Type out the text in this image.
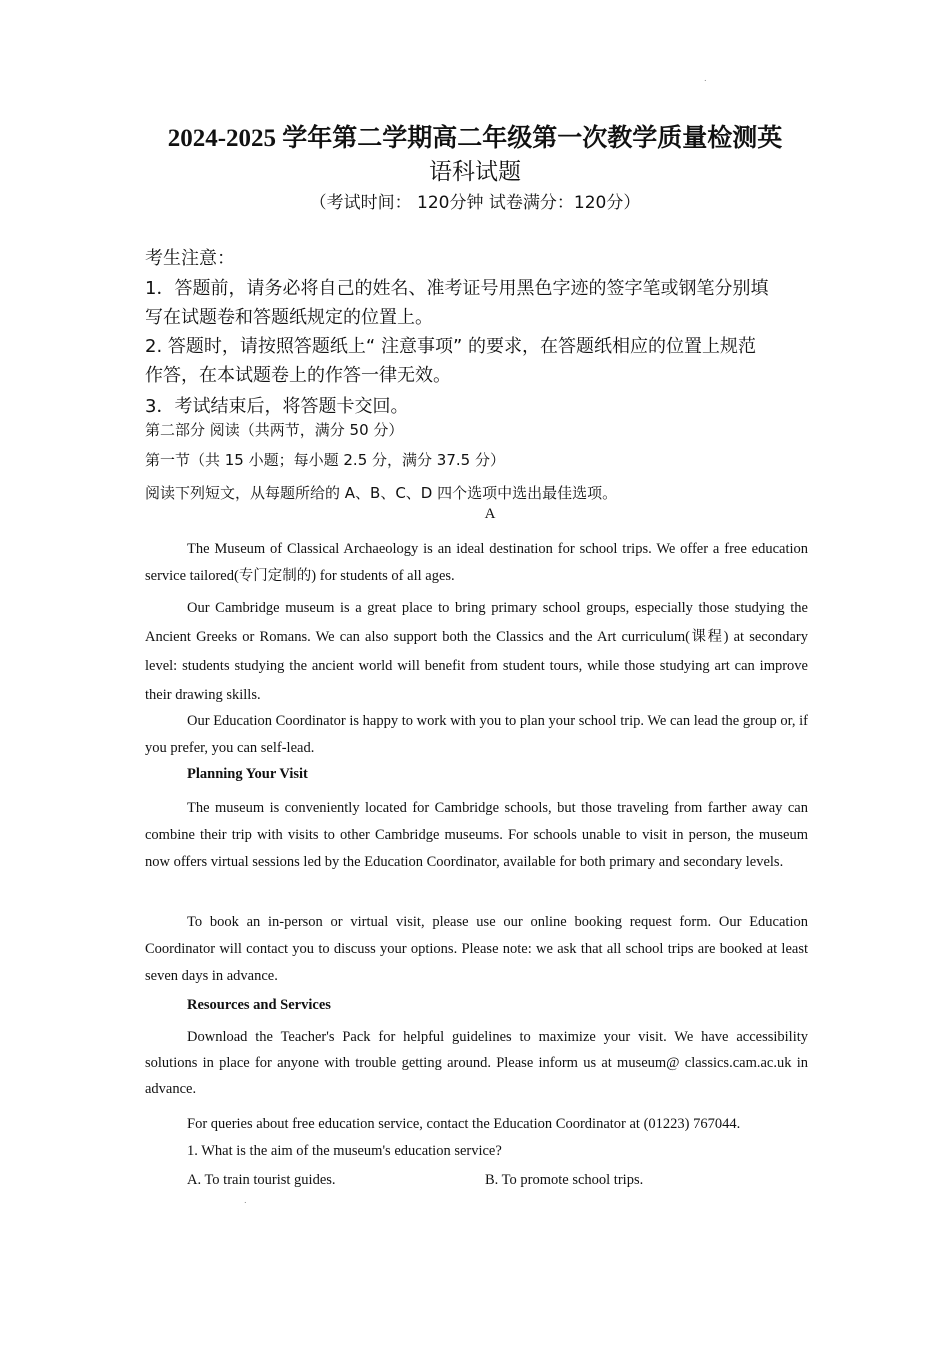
.
2024-2025 学年第二学期高二年级第一次教学质量检测英
语科试题
（考试时间： 120分钟 试卷满分：120分）
考生注意：
1．答题前，请务必将自己的姓名、准考证号用黑色字迹的签字笔或钢笔分别填
写在试题卷和答题纸规定的位置上。
2. 答题时，请按照答题纸上“ 注意事项” 的要求，在答题纸相应的位置上规范
作答，在本试题卷上的作答一律无效。
3．考试结束后，将答题卡交回。
第二部分 阅读（共两节，满分 50 分）
第一节（共 15 小题；每小题 2.5 分，满分 37.5 分）
阅读下列短文，从每题所给的 A、B、C、D 四个选项中选出最佳选项。
A

The Museum of Classical Archaeology is an ideal destination for school trips. We offer a free education service tailored(专门定制的) for students of all ages.

Our Cambridge museum is a great place to bring primary school groups, especially those studying the Ancient Greeks or Romans. We can also support both the Classics and the Art curriculum(课程) at secondary level: students studying the ancient world will benefit from student tours, while those studying art can improve their drawing skills.

Our Education Coordinator is happy to work with you to plan your school trip. We can lead the group or, if you prefer, you can self-lead.

Planning Your Visit

The museum is conveniently located for Cambridge schools, but those traveling from farther away can combine their trip with visits to other Cambridge museums. For schools unable to visit in person, the museum now offers virtual sessions led by the Education Coordinator, available for both primary and secondary levels.

To book an in-person or virtual visit, please use our online booking request form. Our Education Coordinator will contact you to discuss your options. Please note: we ask that all school trips are booked at least seven days in advance.

Resources and Services

Download the Teacher's Pack for helpful guidelines to maximize your visit. We have accessibility solutions in place for anyone with trouble getting around. Please inform us at museum@ classics.cam.ac.uk in advance.

For queries about free education service, contact the Education Coordinator at (01223) 767044.

1. What is the aim of the museum's education service?
A. To train tourist guides.	B. To promote school trips.
.
